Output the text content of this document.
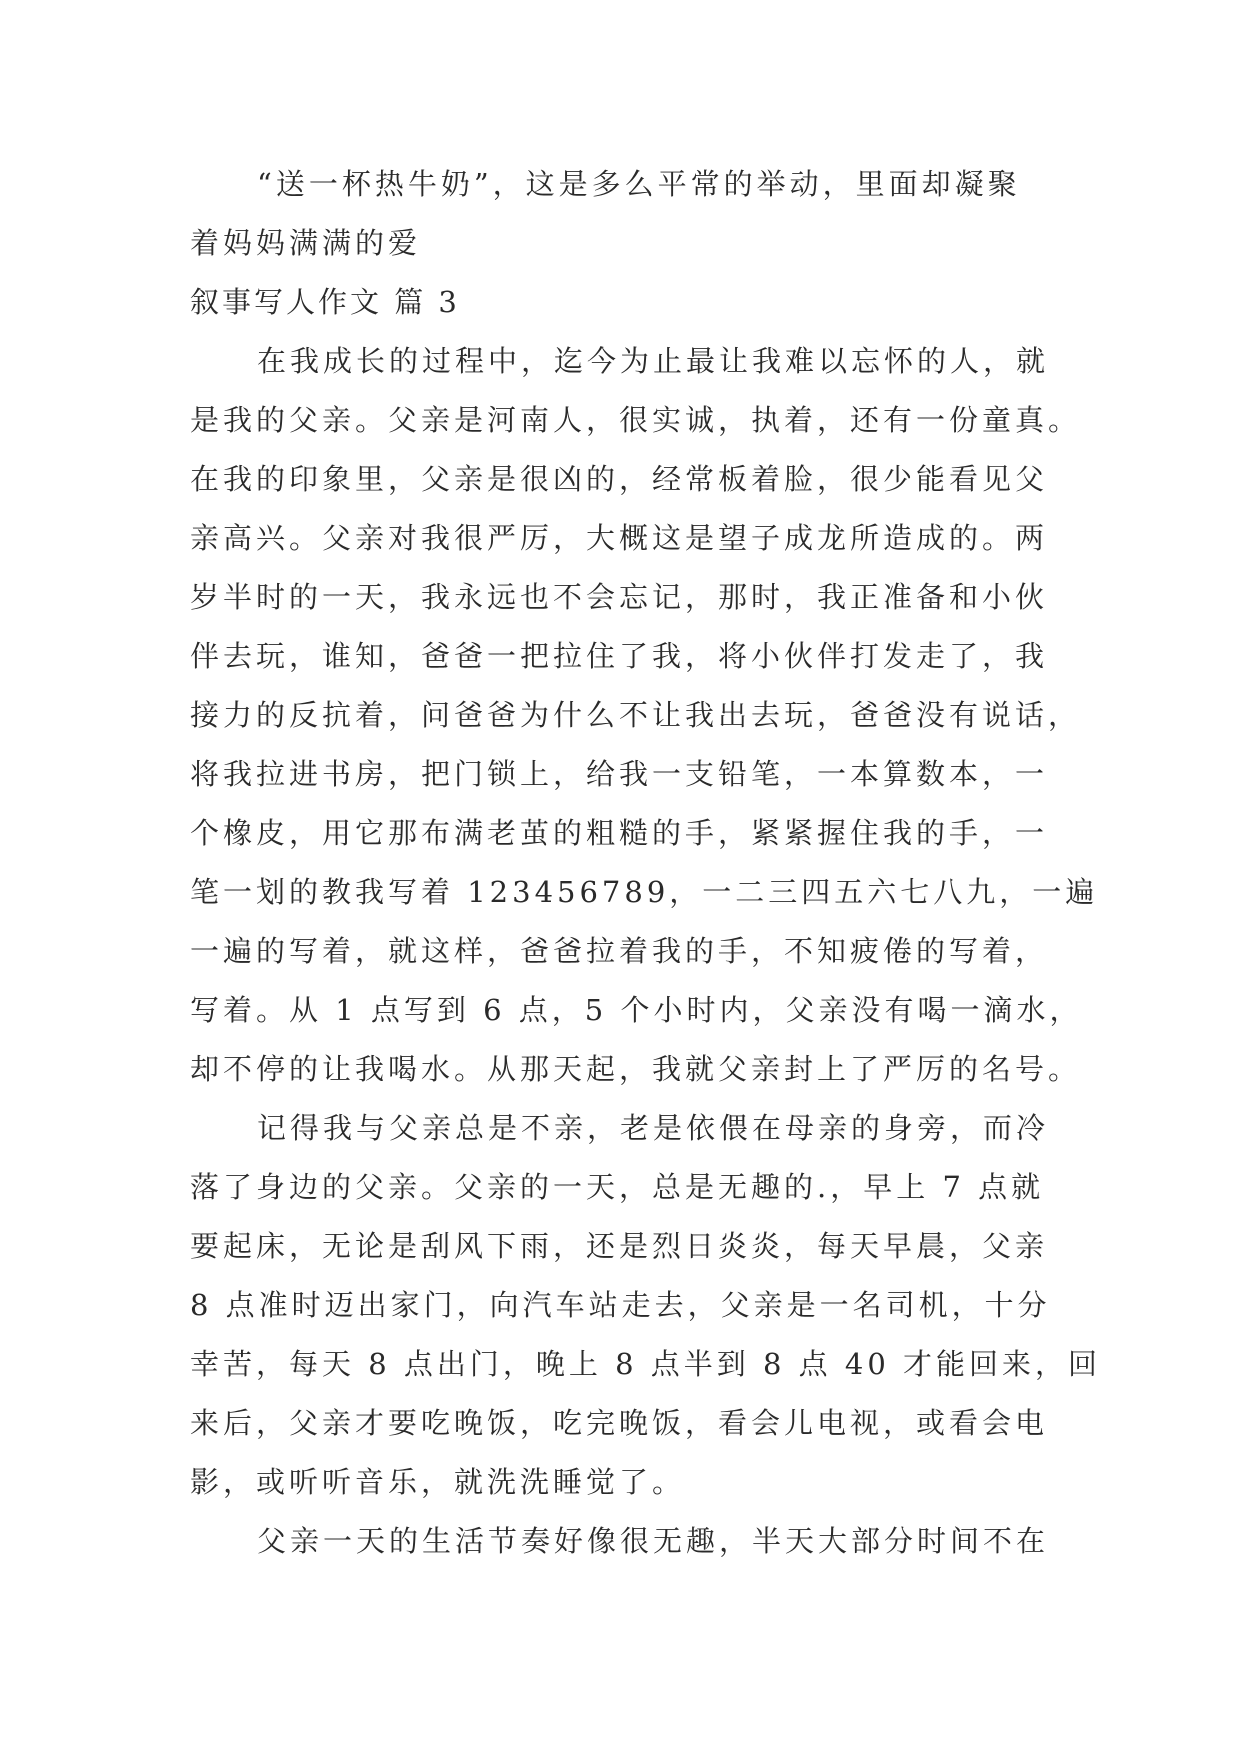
“送一杯热牛奶”，这是多么平常的举动，里面却凝聚
着妈妈满满的爱
叙事写人作文 篇 3
在我成长的过程中，迄今为止最让我难以忘怀的人，就
是我的父亲。父亲是河南人，很实诚，执着，还有一份童真。
在我的印象里，父亲是很凶的，经常板着脸，很少能看见父
亲高兴。父亲对我很严厉，大概这是望子成龙所造成的。两
岁半时的一天，我永远也不会忘记，那时，我正准备和小伙
伴去玩，谁知，爸爸一把拉住了我，将小伙伴打发走了，我
接力的反抗着，问爸爸为什么不让我出去玩，爸爸没有说话，
将我拉进书房，把门锁上，给我一支铅笔，一本算数本，一
个橡皮，用它那布满老茧的粗糙的手，紧紧握住我的手，一
笔一划的教我写着 123456789，一二三四五六七八九，一遍
一遍的写着，就这样，爸爸拉着我的手，不知疲倦的写着，
写着。从 1 点写到 6 点，5 个小时内，父亲没有喝一滴水，
却不停的让我喝水。从那天起，我就父亲封上了严厉的名号。
记得我与父亲总是不亲，老是依偎在母亲的身旁，而冷
落了身边的父亲。父亲的一天，总是无趣的.，早上 7 点就
要起床，无论是刮风下雨，还是烈日炎炎，每天早晨，父亲
8 点准时迈出家门，向汽车站走去，父亲是一名司机，十分
幸苦，每天 8 点出门，晚上 8 点半到 8 点 40 才能回来，回
来后，父亲才要吃晚饭，吃完晚饭，看会儿电视，或看会电
影，或听听音乐，就洗洗睡觉了。
父亲一天的生活节奏好像很无趣，半天大部分时间不在
